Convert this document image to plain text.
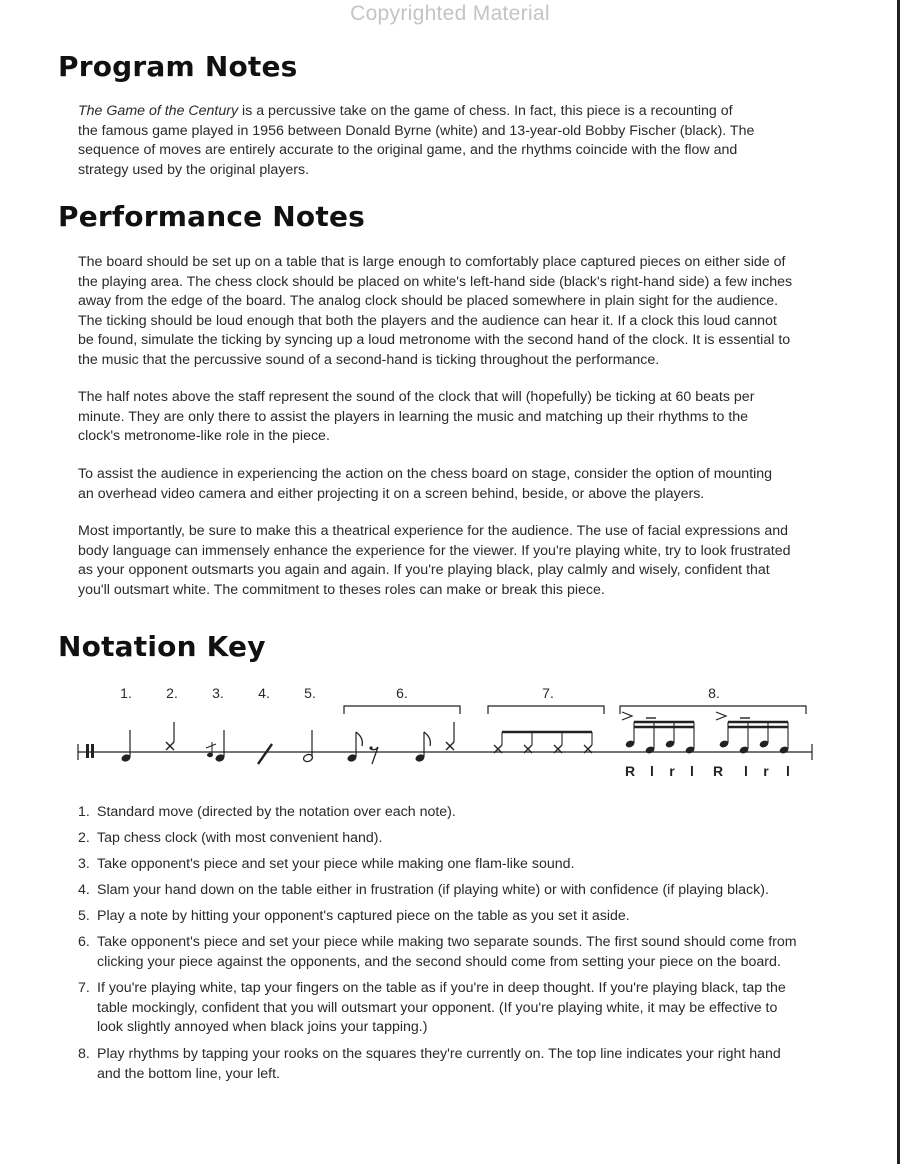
Copyrighted Material
Program Notes
The Game of the Century is a percussive take on the game of chess. In fact, this piece is a recounting of
the famous game played in 1956 between Donald Byrne (white) and 13-year-old Bobby Fischer (black). The
sequence of moves are entirely accurate to the original game, and the rhythms coincide with the flow and
strategy used by the original players.
Performance Notes
The board should be set up on a table that is large enough to comfortably place captured pieces on either side of
the playing area. The chess clock should be placed on white's left-hand side (black's right-hand side) a few inches
away from the edge of the board. The analog clock should be placed somewhere in plain sight for the audience.
The ticking should be loud enough that both the players and the audience can hear it. If a clock this loud cannot
be found, simulate the ticking by syncing up a loud metronome with the second hand of the clock. It is essential to
the music that the percussive sound of a second-hand is ticking throughout the performance.
The half notes above the staff represent the sound of the clock that will (hopefully) be ticking at 60 beats per
minute. They are only there to assist the players in learning the music and matching up their rhythms to the
clock's metronome-like role in the piece.
To assist the audience in experiencing the action on the chess board on stage, consider the option of mounting
an overhead video camera and either projecting it on a screen behind, beside, or above the players.
Most importantly, be sure to make this a theatrical experience for the audience. The use of facial expressions and
body language can immensely enhance the experience for the viewer. If you're playing white, try to look frustrated
as your opponent outsmarts you again and again. If you're playing black, play calmly and wisely, confident that
you'll outsmart white. The commitment to theses roles can make or break this piece.
Notation Key
1. 2. 3. 4. 5.	6.	7.	8.
R l r l R l r l
1. Standard move (directed by the notation over each note).
2. Tap chess clock (with most convenient hand).
3. Take opponent's piece and set your piece while making one flam-like sound.
4. Slam your hand down on the table either in frustration (if playing white) or with confidence (if playing black).
5. Play a note by hitting your opponent's captured piece on the table as you set it aside.
6. Take opponent's piece and set your piece while making two separate sounds. The first sound should come from
clicking your piece against the opponents, and the second should come from setting your piece on the board.
7. If you're playing white, tap your fingers on the table as if you're in deep thought. If you're playing black, tap the
table mockingly, confident that you will outsmart your opponent. (If you're playing white, it may be effective to
look slightly annoyed when black joins your tapping.)
8. Play rhythms by tapping your rooks on the squares they're currently on. The top line indicates your right hand
and the bottom line, your left.
